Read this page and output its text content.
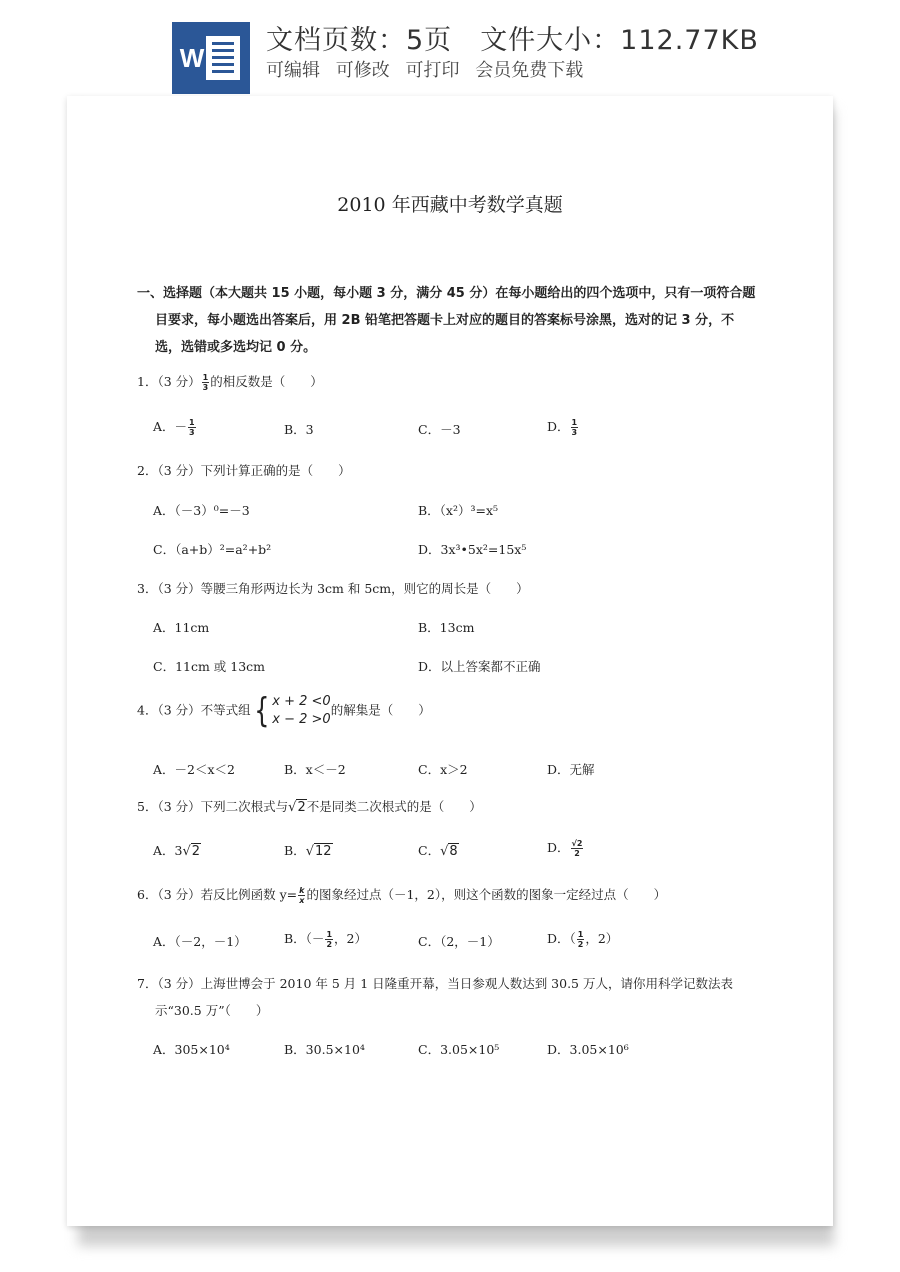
W
文档页数：5页 文件大小：112.77KB
可编辑 可修改 可打印 会员免费下载
2010 年西藏中考数学真题
一、选择题（本大题共 15 小题，每小题 3 分，满分 45 分）在每小题给出的四个选项中，只有一项符合题
目要求，每小题选出答案后，用 2B 铅笔把答题卡上对应的题目的答案标号涂黑，选对的记 3 分，不
选，选错或多选均记 0 分。
1．（3 分） $\frac{1}{3}$ 的相反数是（　　）
A．－ $\frac{1}{3}$	B．3	C．－3	D． $\frac{1}{3}$
2．（3 分）下列计算正确的是（　　）
A．（－3）⁰=－3	B．（x²）³=x⁵
C．（a+b）²=a²+b²	D．3x³•5x²=15x⁵
3．（3 分）等腰三角形两边长为 3cm 和 5cm，则它的周长是（　　）
A．11cm	B．13cm
C．11cm 或 13cm	D．以上答案都不正确
4．（3 分）不等式组 { x + 2 <0
x − 2 >0
的解集是（　　）
A．－2＜x＜2	B．x＜－2	C．x＞2	D．无解
5．（3 分）下列二次根式与√2不是同类二次根式的是（　　）
A．3√2	B．√12	C．√8	D． $\frac{√2}{2}$
6．（3 分）若反比例函数 $y= \frac{k}{x}$ 的图象经过点（－1，2），则这个函数的图象一定经过点（　　）
A．（－2，－1）	B．（－ $\frac{1}{2}$ ，2）	C．（2，－1）	D．（ $\frac{1}{2}$ ，2）
7．（3 分）上海世博会于 2010 年 5 月 1 日隆重开幕，当日参观人数达到 30.5 万人，请你用科学记数法表
示“30.5 万”（　　）
A．305×10⁴	B．30.5×10⁴	C．3.05×10⁵	D．3.05×10⁶
